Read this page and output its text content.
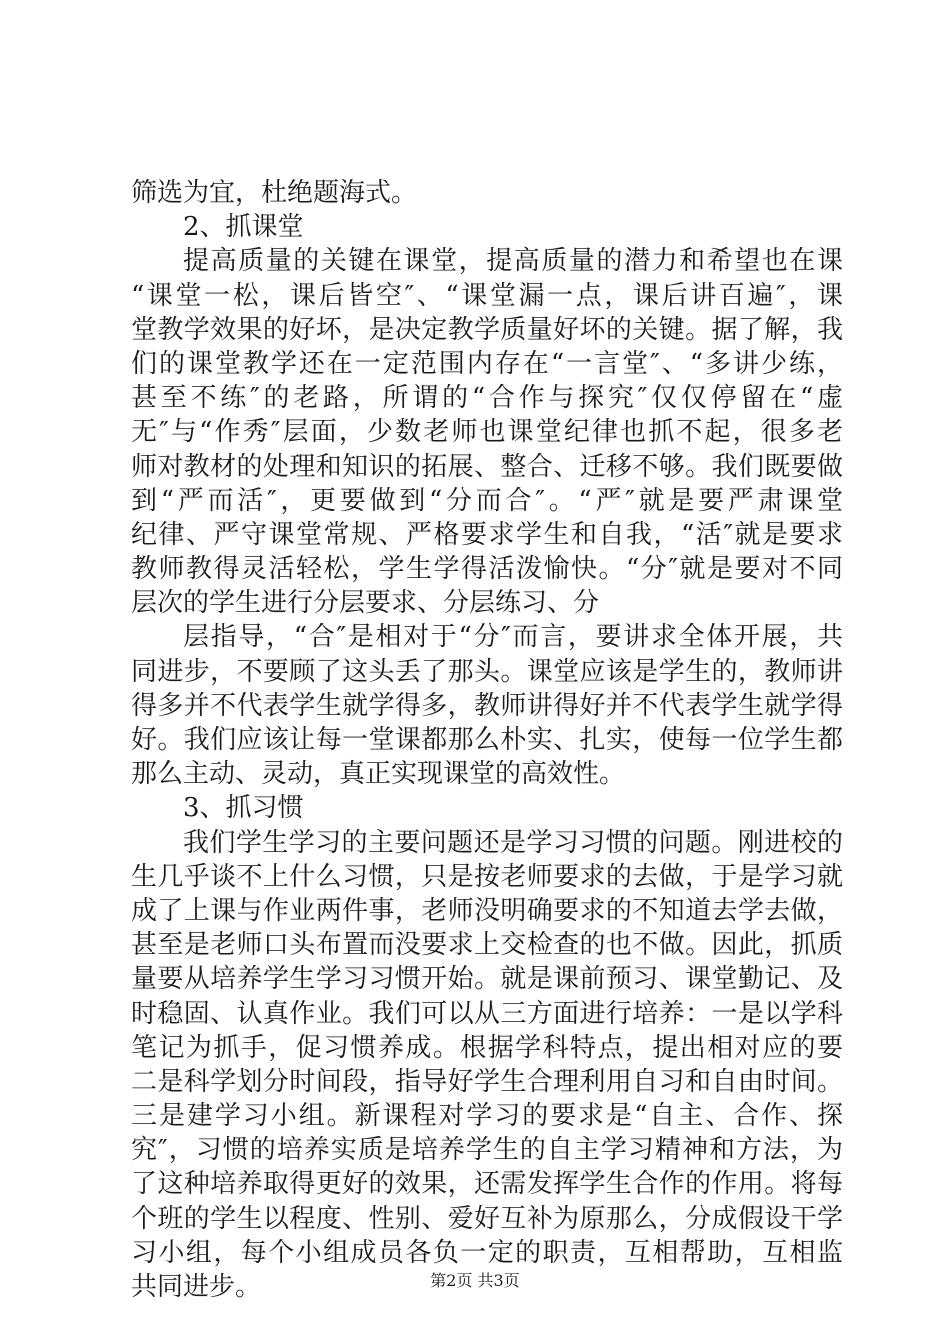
筛选为宜，杜绝题海式。
2、抓课堂
提高质量的关键在课堂，提高质量的潜力和希望也在课
“课堂一松，课后皆空″、“课堂漏一点，课后讲百遍″，课
堂教学效果的好坏，是决定教学质量好坏的关键。据了解，我
们的课堂教学还在一定范围内存在“一言堂″、“多讲少练，
甚至不练″的老路，所谓的“合作与探究″仅仅停留在“虚
无″与“作秀″层面，少数老师也课堂纪律也抓不起，很多老
师对教材的处理和知识的拓展、整合、迁移不够。我们既要做
到“严而活″，更要做到“分而合″。“严″就是要严肃课堂
纪律、严守课堂常规、严格要求学生和自我，“活″就是要求
教师教得灵活轻松，学生学得活泼愉快。“分″就是要对不同
层次的学生进行分层要求、分层练习、分
层指导，“合″是相对于“分″而言，要讲求全体开展，共
同进步，不要顾了这头丢了那头。课堂应该是学生的，教师讲
得多并不代表学生就学得多，教师讲得好并不代表学生就学得
好。我们应该让每一堂课都那么朴实、扎实，使每一位学生都
那么主动、灵动，真正实现课堂的高效性。
3、抓习惯
我们学生学习的主要问题还是学习习惯的问题。刚进校的
生几乎谈不上什么习惯，只是按老师要求的去做，于是学习就
成了上课与作业两件事，老师没明确要求的不知道去学去做，
甚至是老师口头布置而没要求上交检查的也不做。因此，抓质
量要从培养学生学习习惯开始。就是课前预习、课堂勤记、及
时稳固、认真作业。我们可以从三方面进行培养：一是以学科
笔记为抓手，促习惯养成。根据学科特点，提出相对应的要
二是科学划分时间段，指导好学生合理利用自习和自由时间。
三是建学习小组。新课程对学习的要求是“自主、合作、探
究″，习惯的培养实质是培养学生的自主学习精神和方法，为
了这种培养取得更好的效果，还需发挥学生合作的作用。将每
个班的学生以程度、性别、爱好互补为原那么，分成假设干学
习小组，每个小组成员各负一定的职责，互相帮助，互相监
共同进步。	第2页 共3页
